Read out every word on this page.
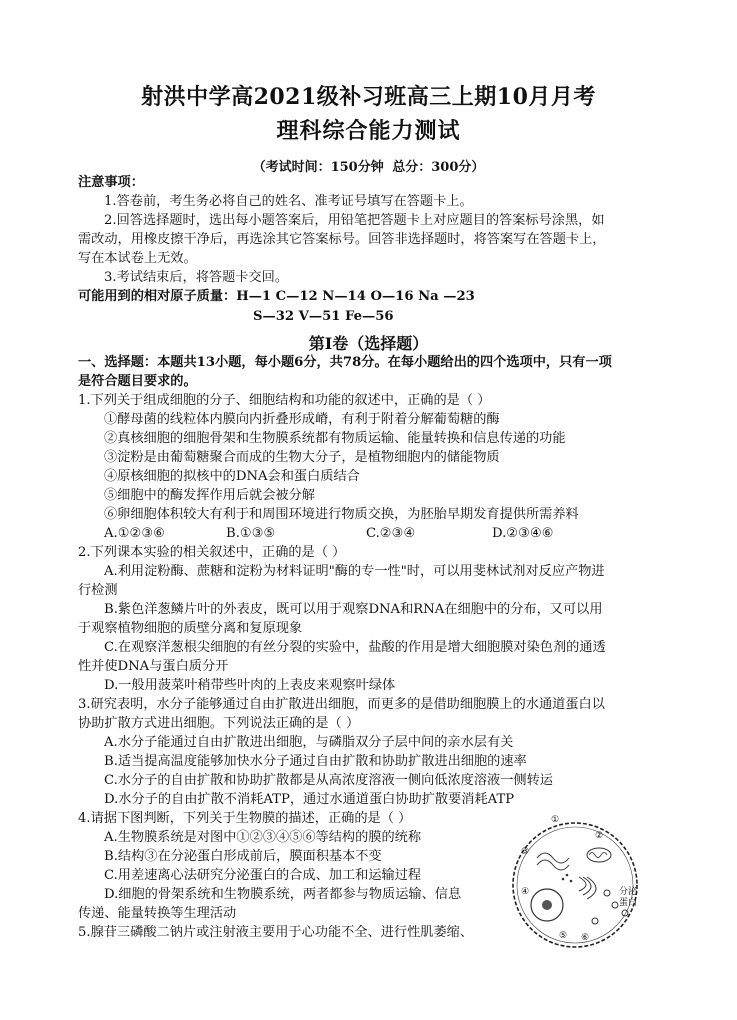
射洪中学高2021级补习班高三上期10月月考
理科综合能力测试
（考试时间：150分钟 总分：300分）
注意事项：
1.答卷前，考生务必将自己的姓名、准考证号填写在答题卡上。
2.回答选择题时，选出每小题答案后，用铅笔把答题卡上对应题目的答案标号涂黑，如
需改动，用橡皮擦干净后，再选涂其它答案标号。回答非选择题时，将答案写在答题卡上，
写在本试卷上无效。
3.考试结束后，将答题卡交回。
可能用到的相对原子质量：H—1 C—12 N—14 O—16 Na —23
S—32 V—51 Fe—56
第I卷（选择题）
一、选择题：本题共13小题，每小题6分，共78分。在每小题给出的四个选项中，只有一项
是符合题目要求的。
1.下列关于组成细胞的分子、细胞结构和功能的叙述中，正确的是（ ）
①酵母菌的线粒体内膜向内折叠形成嵴，有利于附着分解葡萄糖的酶
②真核细胞的细胞骨架和生物膜系统都有物质运输、能量转换和信息传递的功能
③淀粉是由葡萄糖聚合而成的生物大分子，是植物细胞内的储能物质
④原核细胞的拟核中的DNA会和蛋白质结合
⑤细胞中的酶发挥作用后就会被分解
⑥卵细胞体积较大有利于和周围环境进行物质交换，为胚胎早期发育提供所需养料
A.①②③⑥	B.①③⑤	C.②③④	D.②③④⑥
2.下列课本实验的相关叙述中，正确的是（ ）
A.利用淀粉酶、蔗糖和淀粉为材料证明"酶的专一性"时，可以用斐林试剂对反应产物进
行检测
B.紫色洋葱鳞片叶的外表皮，既可以用于观察DNA和RNA在细胞中的分布，又可以用
于观察植物细胞的质壁分离和复原现象
C.在观察洋葱根尖细胞的有丝分裂的实验中，盐酸的作用是增大细胞膜对染色剂的通透
性并使DNA与蛋白质分开
D.一般用菠菜叶稍带些叶肉的上表皮来观察叶绿体
3.研究表明，水分子能够通过自由扩散进出细胞，而更多的是借助细胞膜上的水通道蛋白以
协助扩散方式进出细胞。下列说法正确的是（ ）
A.水分子能通过自由扩散进出细胞，与磷脂双分子层中间的亲水层有关
B.适当提高温度能够加快水分子通过自由扩散和协助扩散进出细胞的速率
C.水分子的自由扩散和协助扩散都是从高浓度溶液一侧向低浓度溶液一侧转运
D.水分子的自由扩散不消耗ATP，通过水通道蛋白协助扩散要消耗ATP
4.请据下图判断，下列关于生物膜的描述，正确的是（ ）
A.生物膜系统是对图中①②③④⑤⑥等结构的膜的统称
B.结构③在分泌蛋白形成前后，膜面积基本不变
C.用差速离心法研究分泌蛋白的合成、加工和运输过程
D.细胞的骨架系统和生物膜系统，两者都参与物质运输、信息
传递、能量转换等生理活动
5.腺苷三磷酸二钠片或注射液主要用于心功能不全、进行性肌萎缩、
①
②
③
④
⑤ ⑥
分泌蛋白
